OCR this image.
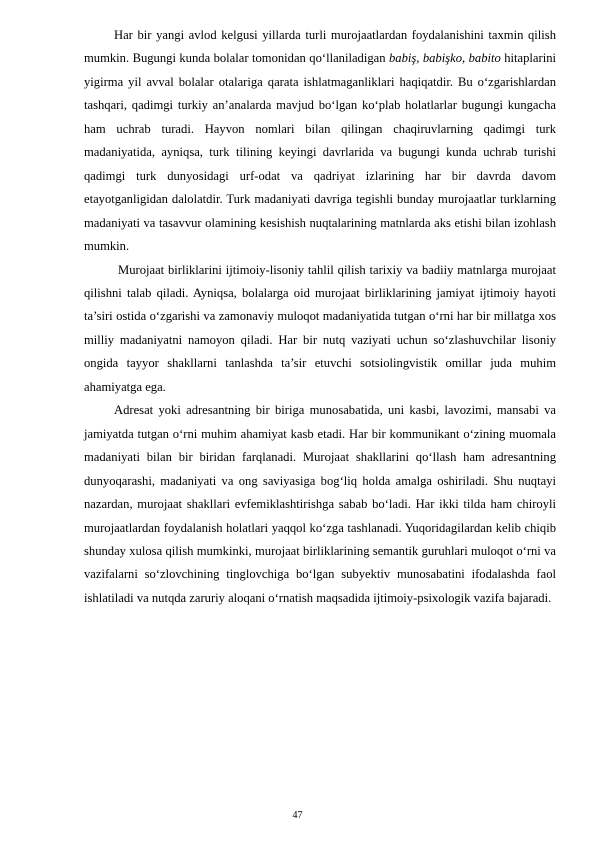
Har bir yangi avlod kelgusi yillarda turli murojaatlardan foydalanishini taxmin qilish mumkin. Bugungi kunda bolalar tomonidan qo‘llaniladigan babiş, babişko, babito hitaplarini yigirma yil avval bolalar otalariga qarata ishlatmaganliklari haqiqatdir. Bu o‘zgarishlardan tashqari, qadimgi turkiy an’analarda mavjud bo‘lgan ko‘plab holatlarlar bugungi kungacha ham uchrab turadi. Hayvon nomlari bilan qilingan chaqiruvlarning qadimgi turk madaniyatida, ayniqsa, turk tilining keyingi davrlarida va bugungi kunda uchrab turishi qadimgi turk dunyosidagi urf-odat va qadriyat izlarining har bir davrda davom etayotganligidan dalolatdir. Turk madaniyati davriga tegishli bunday murojaatlar turklarning madaniyati va tasavvur olamining kesishish nuqtalarining matnlarda aks etishi bilan izohlash mumkin.

Murojaat birliklarini ijtimoiy-lisoniy tahlil qilish tarixiy va badiiy matnlarga murojaat qilishni talab qiladi. Ayniqsa, bolalarga oid murojaat birliklarining jamiyat ijtimoiy hayoti ta’siri ostida o‘zgarishi va zamonaviy muloqot madaniyatida tutgan o‘rni har bir millatga xos milliy madaniyatni namoyon qiladi. Har bir nutq vaziyati uchun so‘zlashuvchilar lisoniy ongida tayyor shakllarni tanlashda ta’sir etuvchi sotsiolingvistik omillar juda muhim ahamiyatga ega.

Adresat yoki adresantning bir biriga munosabatida, uni kasbi, lavozimi, mansabi va jamiyatda tutgan o‘rni muhim ahamiyat kasb etadi. Har bir kommunikant o‘zining muomala madaniyati bilan bir biridan farqlanadi. Murojaat shakllarini qo‘llash ham adresantning dunyoqarashi, madaniyati va ong saviyasiga bog‘liq holda amalga oshiriladi. Shu nuqtayi nazardan, murojaat shakllari evfemiklashtirishga sabab bo‘ladi. Har ikki tilda ham chiroyli murojaatlardan foydalanish holatlari yaqqol ko‘zga tashlanadi. Yuqoridagilardan kelib chiqib shunday xulosa qilish mumkinki, murojaat birliklarining semantik guruhlari muloqot o‘rni va vazifalarni so‘zlovchining tinglovchiga bo‘lgan subyektiv munosabatini ifodalashda faol ishlatiladi va nutqda zaruriy aloqani o‘rnatish maqsadida ijtimoiy-psixologik vazifa bajaradi.

47
